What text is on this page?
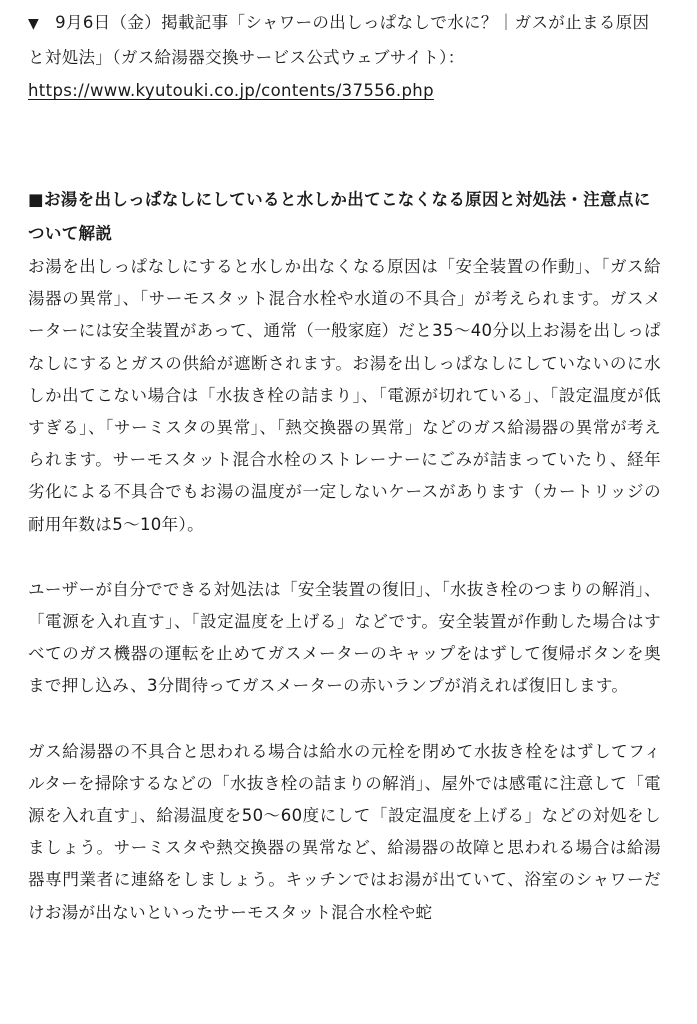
▼ 9月6日（金）掲載記事「シャワーの出しっぱなしで水に？｜ガスが止まる原因と対処法」（ガス給湯器交換サービス公式ウェブサイト）：
https://www.kyutouki.co.jp/contents/37556.php

■お湯を出しっぱなしにしていると水しか出てこなくなる原因と対処法・注意点について解説

お湯を出しっぱなしにすると水しか出なくなる原因は「安全装置の作動」、「ガス給湯器の異常」、「サーモスタット混合水栓や水道の不具合」が考えられます。ガスメーターには安全装置があって、通常（一般家庭）だと35～40分以上お湯を出しっぱなしにするとガスの供給が遮断されます。お湯を出しっぱなしにしていないのに水しか出てこない場合は「水抜き栓の詰まり」、「電源が切れている」、「設定温度が低すぎる」、「サーミスタの異常」、「熱交換器の異常」などのガス給湯器の異常が考えられます。サーモスタット混合水栓のストレーナーにごみが詰まっていたり、経年劣化による不具合でもお湯の温度が一定しないケースがあります（カートリッジの耐用年数は5～10年）。

ユーザーが自分でできる対処法は「安全装置の復旧」、「水抜き栓のつまりの解消」、「電源を入れ直す」、「設定温度を上げる」などです。安全装置が作動した場合はすべてのガス機器の運転を止めてガスメーターのキャップをはずして復帰ボタンを奥まで押し込み、3分間待ってガスメーターの赤いランプが消えれば復旧します。

ガス給湯器の不具合と思われる場合は給水の元栓を閉めて水抜き栓をはずしてフィルターを掃除するなどの「水抜き栓の詰まりの解消」、屋外では感電に注意して「電源を入れ直す」、給湯温度を50～60度にして「設定温度を上げる」などの対処をしましょう。サーミスタや熱交換器の異常など、給湯器の故障と思われる場合は給湯器専門業者に連絡をしましょう。キッチンではお湯が出ていて、浴室のシャワーだけお湯が出ないといったサーモスタット混合水栓や蛇
